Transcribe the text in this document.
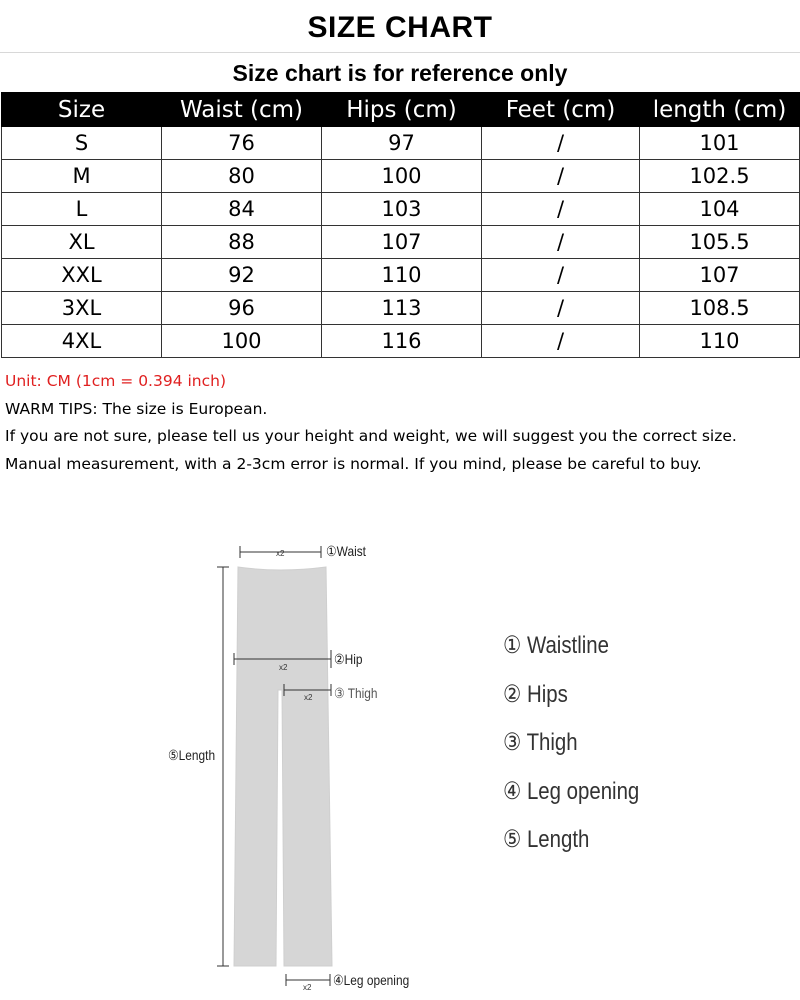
SIZE CHART
Size chart is for reference only
Size	Waist (cm)	Hips (cm)	Feet (cm)	length (cm)
S	76	97	/	101
M	80	100	/	102.5
L	84	103	/	104
XL	88	107	/	105.5
XXL	92	110	/	107
3XL	96	113	/	108.5
4XL	100	116	/	110

Unit: CM (1cm = 0.394 inch)

WARM TIPS: The size is European.

If you are not sure, please tell us your height and weight, we will suggest you the correct size.

Manual measurement, with a 2-3cm error is normal. If you mind, please be careful to buy.

x2
x2
x2
x2
①Waist
②Hip
③ Thigh
⑤Length
④Leg opening
① Waistline
② Hips
③ Thigh
④ Leg opening
⑤ Length
